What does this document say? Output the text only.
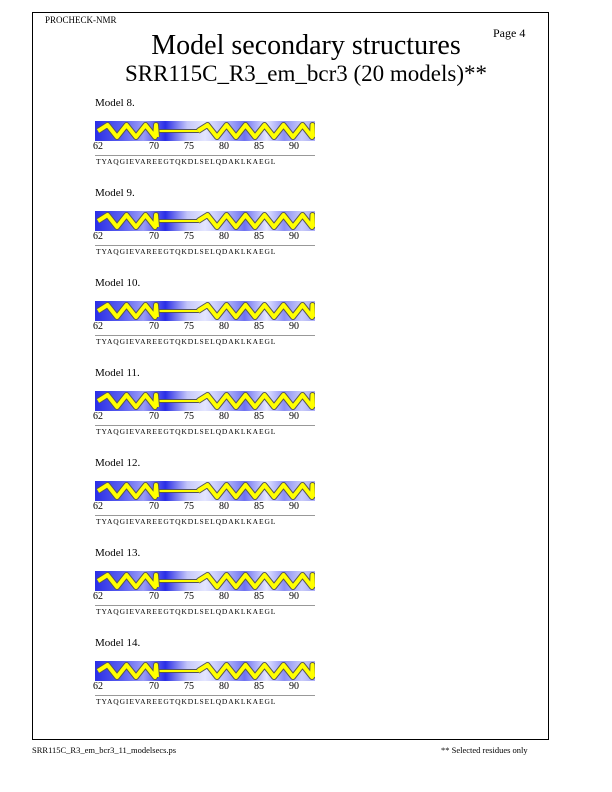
PROCHECK-NMR
Page 4
Model secondary structures
SRR115C_R3_em_bcr3 (20 models)**
Model 8.
62	70	75	80	85	90
TYAQGIEVAREEGTQKDLSELQDAKLKAEGL
Model 9.
62	70	75	80	85	90
TYAQGIEVAREEGTQKDLSELQDAKLKAEGL
Model 10.
62	70	75	80	85	90
TYAQGIEVAREEGTQKDLSELQDAKLKAEGL
Model 11.
62	70	75	80	85	90
TYAQGIEVAREEGTQKDLSELQDAKLKAEGL
Model 12.
62	70	75	80	85	90
TYAQGIEVAREEGTQKDLSELQDAKLKAEGL
Model 13.
62	70	75	80	85	90
TYAQGIEVAREEGTQKDLSELQDAKLKAEGL
Model 14.
62	70	75	80	85	90
TYAQGIEVAREEGTQKDLSELQDAKLKAEGL
SRR115C_R3_em_bcr3_11_modelsecs.ps	** Selected residues only
